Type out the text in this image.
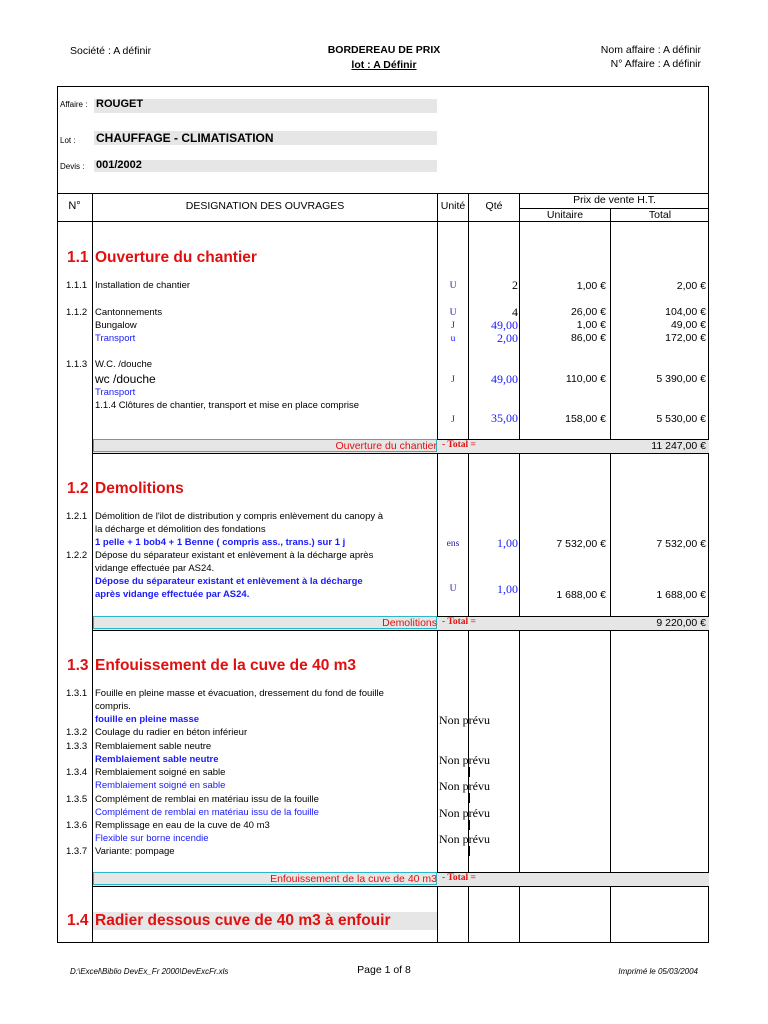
Société : A définir	BORDEREAU DE PRIX
lot : A Définir
Nom affaire : A définir
N° Affaire : A définir
Affaire : ROUGET
Lot : CHAUFFAGE - CLIMATISATION
Devis : 001/2002
N°	DESIGNATION DES OUVRAGES	Unité	Qté	Prix de vente H.T.
Unitaire	Total
1.1 Ouverture du chantier
1.1.1 Installation de chantier	U	2	1,00 €	2,00 €
1.1.2 Cantonnements	U	4	26,00 €	104,00 €
Bungalow	J	49,00	1,00 €	49,00 €
Transport	u	2,00	86,00 €	172,00 €
1.1.3 W.C. /douche
wc /douche	J	49,00	110,00 €	5 390,00 €
Transport
1.1.4 Clôtures de chantier, transport et mise en place comprise
J	35,00	158,00 €	5 530,00 €
Ouverture du chantier - Total =	11 247,00 €
1.2 Demolitions
1.2.1 Démolition de l'ilot de distribution y compris enlèvement du canopy à
la décharge et démolition des fondations
1 pelle + 1 bob4 + 1 Benne ( compris ass., trans.) sur 1 j	ens	1,00	7 532,00 €	7 532,00 €
1.2.2 Dépose du séparateur existant et enlèvement à la décharge après
vidange effectuée par AS24.
Dépose du séparateur existant et enlèvement à la décharge
après vidange effectuée par AS24.	U	1,00	1 688,00 €	1 688,00 €
Demolitions - Total =	9 220,00 €
1.3 Enfouissement de la cuve de 40 m3
1.3.1 Fouille en pleine masse et évacuation, dressement du fond de fouille
compris.
fouille en pleine masse	Non prévu
1.3.2 Coulage du radier en béton inférieur
1.3.3 Remblaiement sable neutre
Remblaiement sable neutre	Non prévu
1.3.4 Remblaiement soigné en sable
Remblaiement soigné en sable	Non prévu
1.3.5 Complément de remblai en matériau issu de la fouille
Complément de remblai en matériau issu de la fouille	Non prévu
1.3.6 Remplissage en eau de la cuve de 40 m3
Non prévu
Flexible sur borne incendie
1.3.7 Variante: pompage
Enfouissement de la cuve de 40 m3 - Total =
1.4 Radier dessous cuve de 40 m3 à enfouir
D:\Excel\Biblio DevEx_Fr 2000\DevExcFr.xls	Page 1 of 8	Imprimé le 05/03/2004
